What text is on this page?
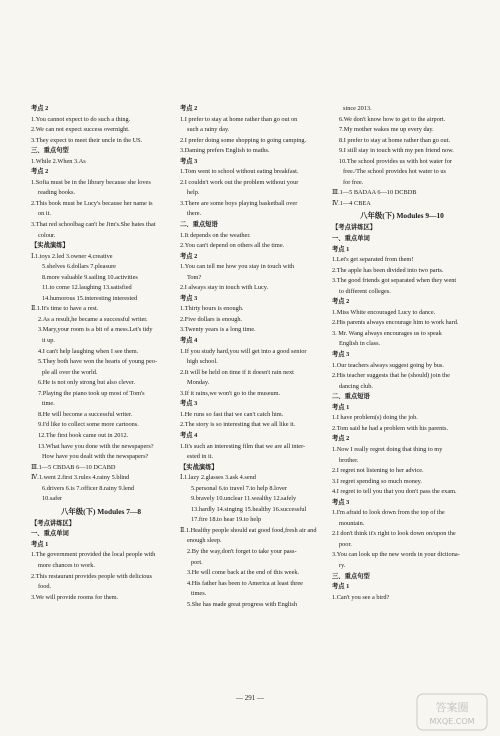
考点 2
1.You cannot expect to do such a thing.
2.We can not expect success overnight.
3.They expect to meet their uncle in the US.
三、重点句型
1.While 2.When 3.As
考点 2
1.Sofia must be in the library because she loves
reading books.
2.This book must be Lucy's because her name is
on it.
3.That red schoolbag can't be Jim's.She hates that
colour.
【实战演练】
Ⅰ.1.toys 2.led 3.owner 4.creative
5.shelves 6.dollars 7.pleasure
8.more valuable 9.sailing 10.activities
11.to come 12.laughing 13.satisfied
14.humorous 15.interesting interested
Ⅱ.1.It's time to have a rest.
2.As a result,he became a successful writer.
3.Mary,your room is a bit of a mess.Let's tidy
it up.
4.I can't help laughing when I see them.
5.They both have won the hearts of young peo-
ple all over the world.
6.He is not only strong but also clever.
7.Playing the piano took up most of Tom's
time.
8.He will become a successful writer.
9.I'd like to collect some more cartoons.
12.The first book came out in 2012.
13.What have you done with the newspapers?
How have you dealt with the newspapers?
Ⅲ.1—5 CBDAB 6—10 DCABD
Ⅳ.1.went 2.first 3.rules 4.rainy 5.blind
6.drivers 6.is 7.officer 8.rainy 9.lend
10.safer
八年级(下) Modules 7—8
【考点讲练区】
一、重点单词
考点 1
1.The government provided the local people with
more chances to work.
2.This restaurant provides people with delicious
food.
3.We will provide rooms for them.
考点 2
1.I prefer to stay at home rather than go out on
such a rainy day.
2.I prefer doing some shopping to going camping.
3.Daming prefers English to maths.
考点 3
1.Tom went to school without eating breakfast.
2.I couldn't work out the problem without your
help.
3.There are some boys playing basketball over
there.
二、重点短语
1.It depends on the weather.
2.You can't depend on others all the time.
考点 2
1.You can tell me how you stay in touch with
Tom?
2.I always stay in touch with Lucy.
考点 3
1.Thirty hours is enough.
2.Five dollars is enough.
3.Twenty years is a long time.
考点 4
1.If you study hard,you will get into a good senior
high school.
2.It will be held on time if it doesn't rain next
Monday.
3.If it rains,we won't go to the museum.
考点 3
1.He runs so fast that we can't catch him.
2.The story is so interesting that we all like it.
考点 4
1.It's such an interesting film that we are all inter-
ested in it.
【实战演练】
Ⅰ.1.lazy 2.glasses 3.ask 4.send
5.personal 6.to travel 7.to help 8.lover
9.bravely 10.unclear 11.wealthy 12.safely
13.hardly 14.singing 15.healthy 16.successful
17.fire 18.to hear 19.to help
Ⅱ.1.Healthy people should eat good food,fresh air and
enough sleep.
2.By the way,don't forget to take your pass-
port.
3.He will come back at the end of this week.
4.His father has been to America at least three
times.
5.She has made great progress with English
since 2013.
6.We don't know how to get to the airport.
7.My mother wakes me up every day.
8.I prefer to stay at home rather than go out.
9.I still stay in touch with my pen friend now.
10.The school provides us with hot water for
free./The school provides hot water to us
for free.
Ⅲ.1—5 BADAA 6—10 DCBDB
Ⅳ.1—4 CBEA
八年级(下) Modules 9—10
【考点讲练区】
一、重点单词
考点 1
1.Let's get separated from them!
2.The apple has been divided into two parts.
3.The good friends got separated when they went
to different colleges.
考点 2
1.Miss White encouraged Lucy to dance.
2.His parents always encourage him to work hard.
3. Mr. Wang always encourages us to speak
English in class.
考点 3
1.Our teachers always suggest going by bus.
2.His teacher suggests that he (should) join the
dancing club.
二、重点短语
考点 1
1.I have problem(s) doing the job.
2.Tom said he had a problem with his parents.
考点 2
1.Now I really regret doing that thing to my
brother.
2.I regret not listening to her advice.
3.I regret spending so much money.
4.I regret to tell you that you don't pass the exam.
考点 3
1.I'm afraid to look down from the top of the
mountain.
2.I don't think it's right to look down on/upon the
poor.
3.You can look up the new words in your dictiona-
ry.
三、重点句型
考点 1
1.Can't you see a bird?
— 291 —
答案圈
MXQE.COM
